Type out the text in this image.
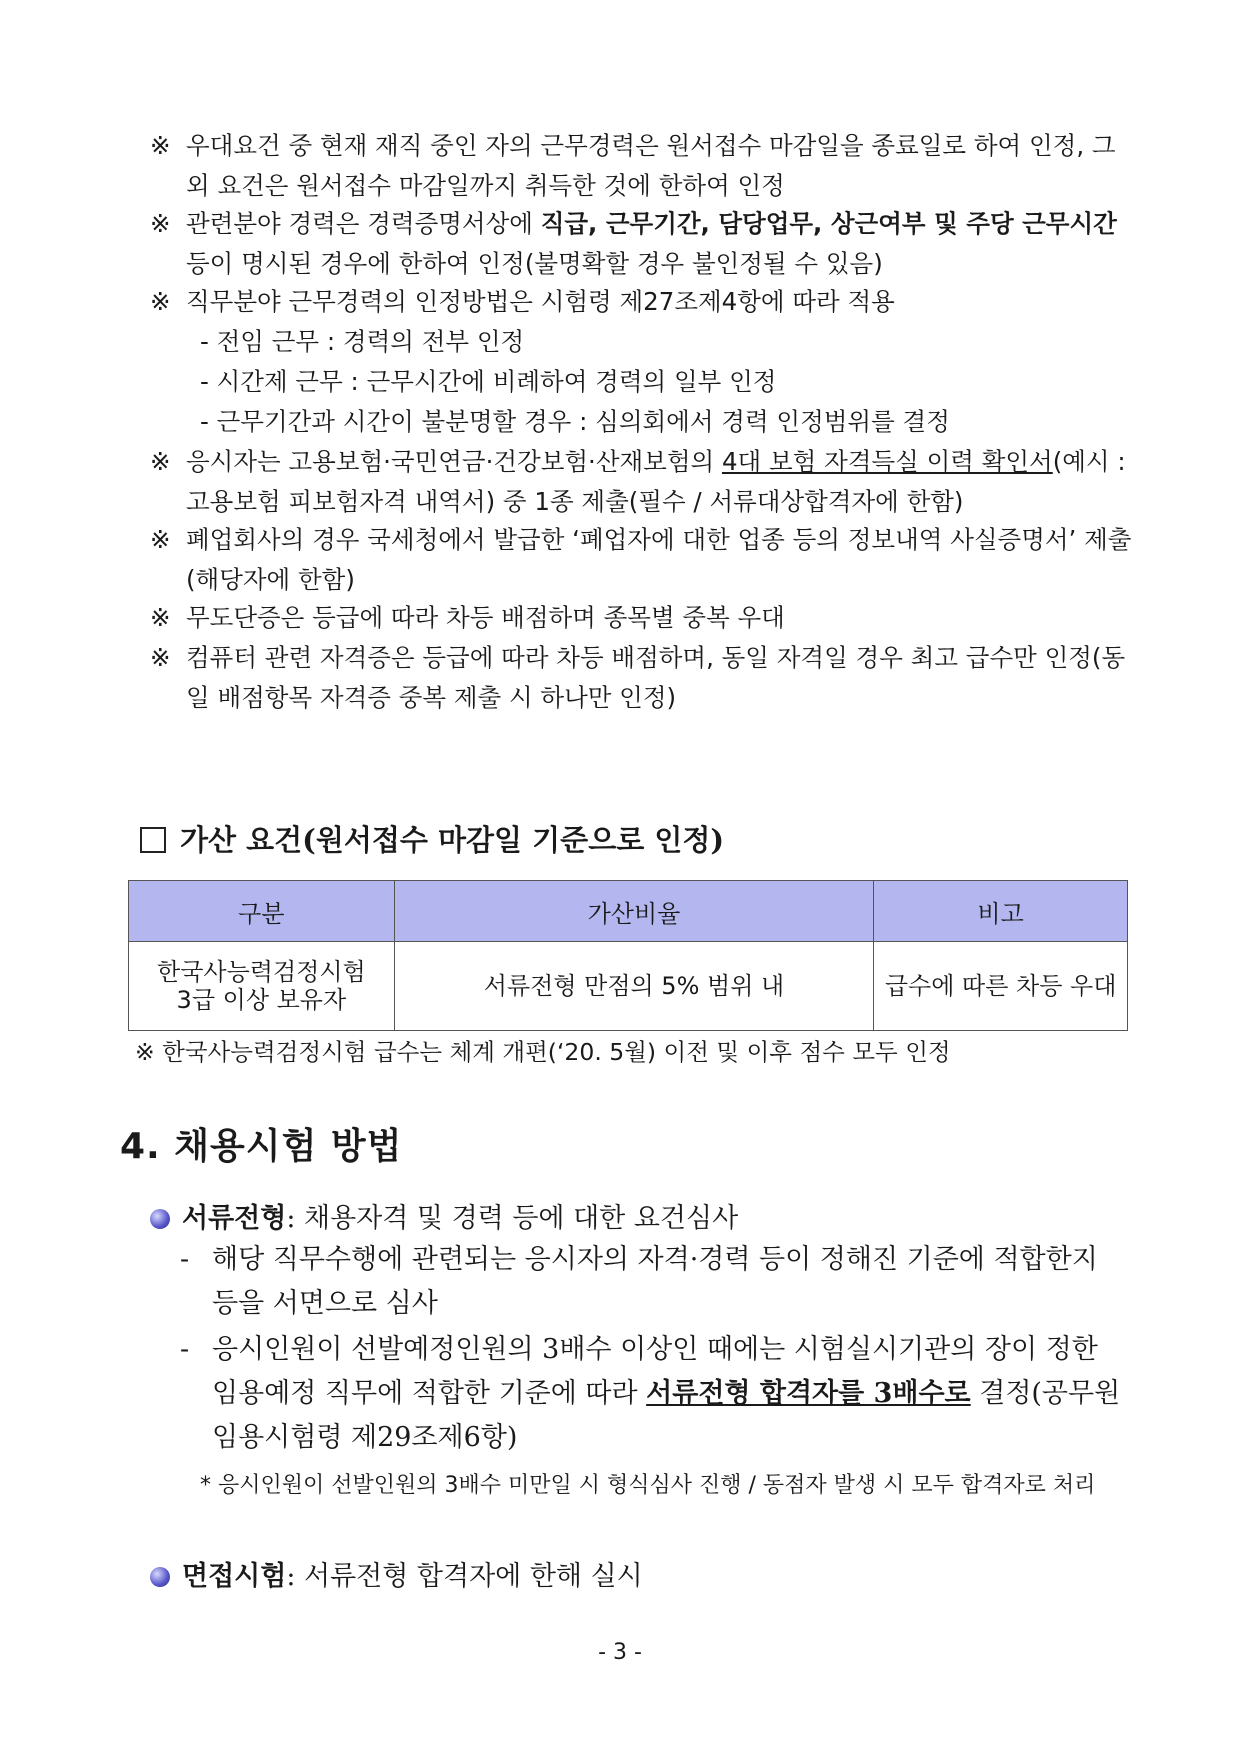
※ 우대요건 중 현재 재직 중인 자의 근무경력은 원서접수 마감일을 종료일로 하여 인정, 그 외 요건은 원서접수 마감일까지 취득한 것에 한하여 인정
※ 관련분야 경력은 경력증명서상에 직급, 근무기간, 담당업무, 상근여부 및 주당 근무시간 등이 명시된 경우에 한하여 인정(불명확할 경우 불인정될 수 있음)
※ 직무분야 근무경력의 인정방법은 시험령 제27조제4항에 따라 적용
- 전임 근무 : 경력의 전부 인정
- 시간제 근무 : 근무시간에 비례하여 경력의 일부 인정
- 근무기간과 시간이 불분명할 경우 : 심의회에서 경력 인정범위를 결정
※ 응시자는 고용보험·국민연금·건강보험·산재보험의 4대 보험 자격득실 이력 확인서(예시 : 고용보험 피보험자격 내역서) 중 1종 제출(필수 / 서류대상합격자에 한함)
※ 폐업회사의 경우 국세청에서 발급한 ‘폐업자에 대한 업종 등의 정보내역 사실증명서’ 제출(해당자에 한함)
※ 무도단증은 등급에 따라 차등 배점하며 종목별 중복 우대
※ 컴퓨터 관련 자격증은 등급에 따라 차등 배점하며, 동일 자격일 경우 최고 급수만 인정(동일 배점항목 자격증 중복 제출 시 하나만 인정)
가산 요건(원서접수 마감일 기준으로 인정)
구분	가산비율	비고
한국사능력검정시험
3급 이상 보유자	서류전형 만점의 5% 범위 내	급수에 따른 차등 우대
※ 한국사능력검정시험 급수는 체계 개편(‘20. 5월) 이전 및 이후 점수 모두 인정
4. 채용시험 방법
서류전형: 채용자격 및 경력 등에 대한 요건심사
- 해당 직무수행에 관련되는 응시자의 자격·경력 등이 정해진 기준에 적합한지 등을 서면으로 심사
- 응시인원이 선발예정인원의 3배수 이상인 때에는 시험실시기관의 장이 정한 임용예정 직무에 적합한 기준에 따라 서류전형 합격자를 3배수로 결정(공무원임용시험령 제29조제6항)
* 응시인원이 선발인원의 3배수 미만일 시 형식심사 진행 / 동점자 발생 시 모두 합격자로 처리
면접시험: 서류전형 합격자에 한해 실시
- 3 -
